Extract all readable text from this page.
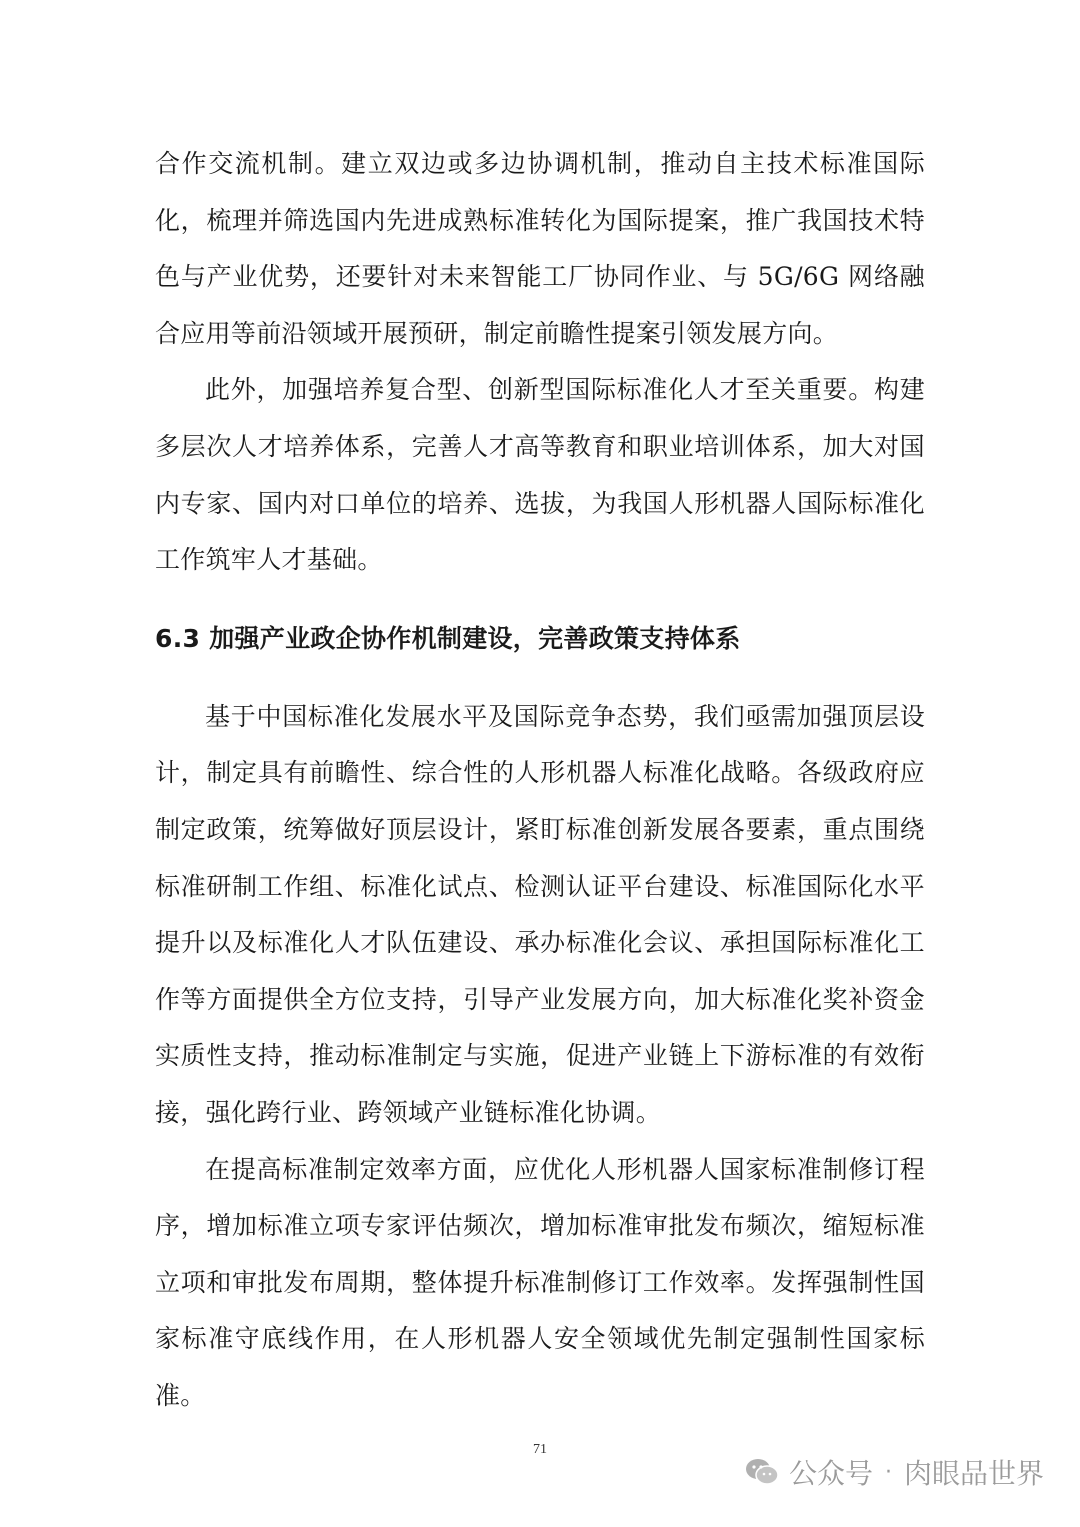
合作交流机制。建立双边或多边协调机制，推动自主技术标准国际化，梳理并筛选国内先进成熟标准转化为国际提案，推广我国技术特色与产业优势，还要针对未来智能工厂协同作业、与 5G/6G 网络融合应用等前沿领域开展预研，制定前瞻性提案引领发展方向。

此外，加强培养复合型、创新型国际标准化人才至关重要。构建多层次人才培养体系，完善人才高等教育和职业培训体系，加大对国内专家、国内对口单位的培养、选拔，为我国人形机器人国际标准化工作筑牢人才基础。

6.3 加强产业政企协作机制建设，完善政策支持体系

基于中国标准化发展水平及国际竞争态势，我们亟需加强顶层设计，制定具有前瞻性、综合性的人形机器人标准化战略。各级政府应制定政策，统筹做好顶层设计，紧盯标准创新发展各要素，重点围绕标准研制工作组、标准化试点、检测认证平台建设、标准国际化水平提升以及标准化人才队伍建设、承办标准化会议、承担国际标准化工作等方面提供全方位支持，引导产业发展方向，加大标准化奖补资金实质性支持，推动标准制定与实施，促进产业链上下游标准的有效衔接，强化跨行业、跨领域产业链标准化协调。

在提高标准制定效率方面，应优化人形机器人国家标准制修订程序，增加标准立项专家评估频次，增加标准审批发布频次，缩短标准立项和审批发布周期，整体提升标准制修订工作效率。发挥强制性国家标准守底线作用，在人形机器人安全领域优先制定强制性国家标准。

71
公众号 · 肉眼品世界
